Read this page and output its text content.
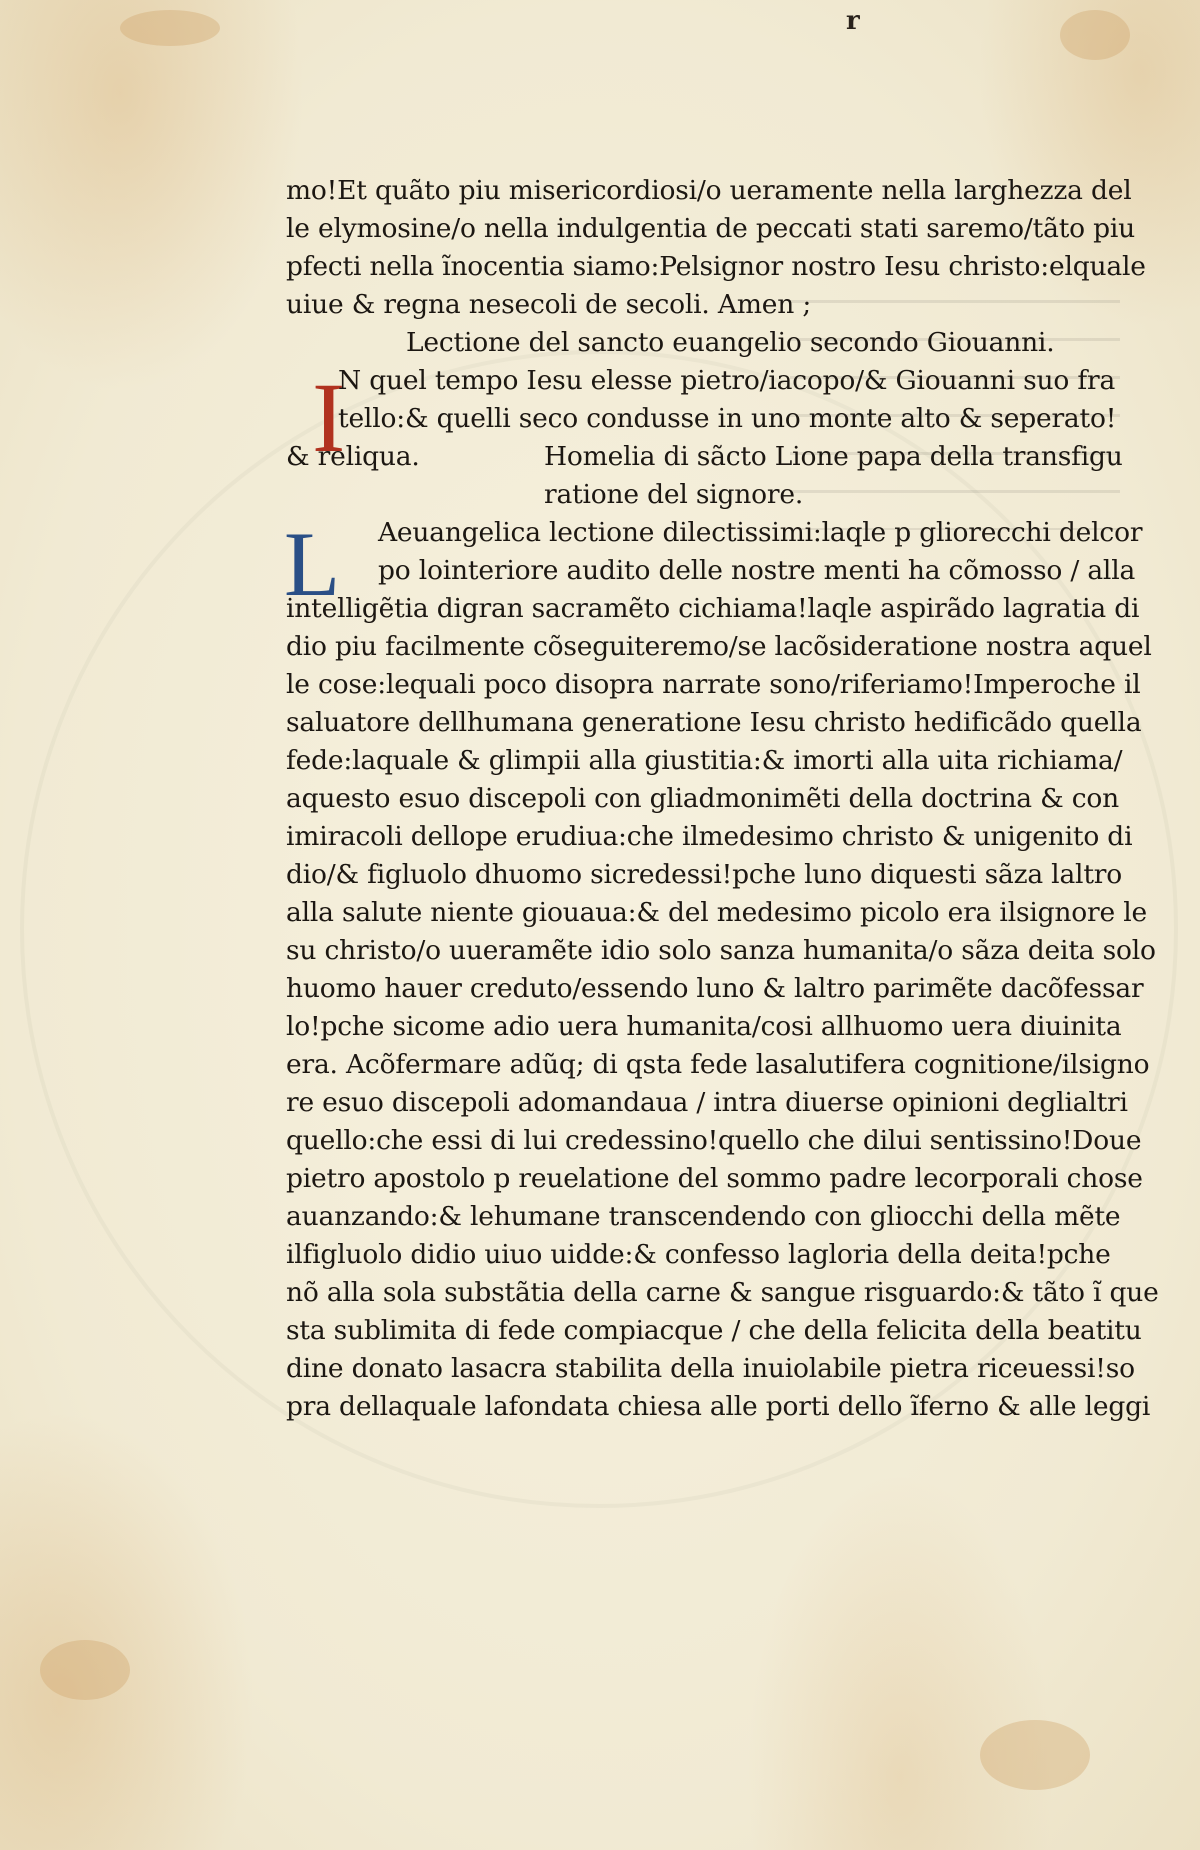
r
I
L
mo!Et quãto piu misericordiosi/o ueramente nella larghezza del
le elymosine/o nella indulgentia de peccati stati saremo/tãto piu
pfecti nella ĩnocentia siamo:Pelsignor nostro Iesu christo:elquale
uiue & regna nesecoli de secoli. Amen ;
Lectione del sancto euangelio secondo Giouanni.
N quel tempo Iesu elesse pietro/iacopo/& Giouanni suo fra
tello:& quelli seco condusse in uno monte alto & seperato!
& reliqua.	Homelia di sãcto Lione papa della transfigu
ratione del signore.
Aeuangelica lectione dilectissimi:laqle p gliorecchi delcor
po lointeriore audito delle nostre menti ha cõmosso / alla
intelligẽtia digran sacramẽto cichiama!laqle aspirãdo lagratia di
dio piu facilmente cõseguiteremo/se lacõsideratione nostra aquel
le cose:lequali poco disopra narrate sono/riferiamo!Imperoche il
saluatore dellhumana generatione Iesu christo hedificãdo quella
fede:laquale & glimpii alla giustitia:& imorti alla uita richiama/
aquesto esuo discepoli con gliadmonimẽti della doctrina & con
imiracoli dellope erudiua:che ilmedesimo christo & unigenito di
dio/& figluolo dhuomo sicredessi!pche luno diquesti sãza laltro
alla salute niente giouaua:& del medesimo picolo era ilsignore le
su christo/o uueramẽte idio solo sanza humanita/o sãza deita solo
huomo hauer creduto/essendo luno & laltro parimẽte dacõfessar
lo!pche sicome adio uera humanita/cosi allhuomo uera diuinita
era. Acõfermare adũq; di qsta fede lasalutifera cognitione/ilsigno
re esuo discepoli adomandaua / intra diuerse opinioni deglialtri
quello:che essi di lui credessino!quello che dilui sentissino!Doue
pietro apostolo p reuelatione del sommo padre lecorporali chose
auanzando:& lehumane transcendendo con gliocchi della mẽte
ilfigluolo didio uiuo uidde:& confesso lagloria della deita!pche
nõ alla sola substãtia della carne & sangue risguardo:& tãto ĩ que
sta sublimita di fede compiacque / che della felicita della beatitu
dine donato lasacra stabilita della inuiolabile pietra riceuessi!so
pra dellaquale lafondata chiesa alle porti dello ĩferno & alle leggi
